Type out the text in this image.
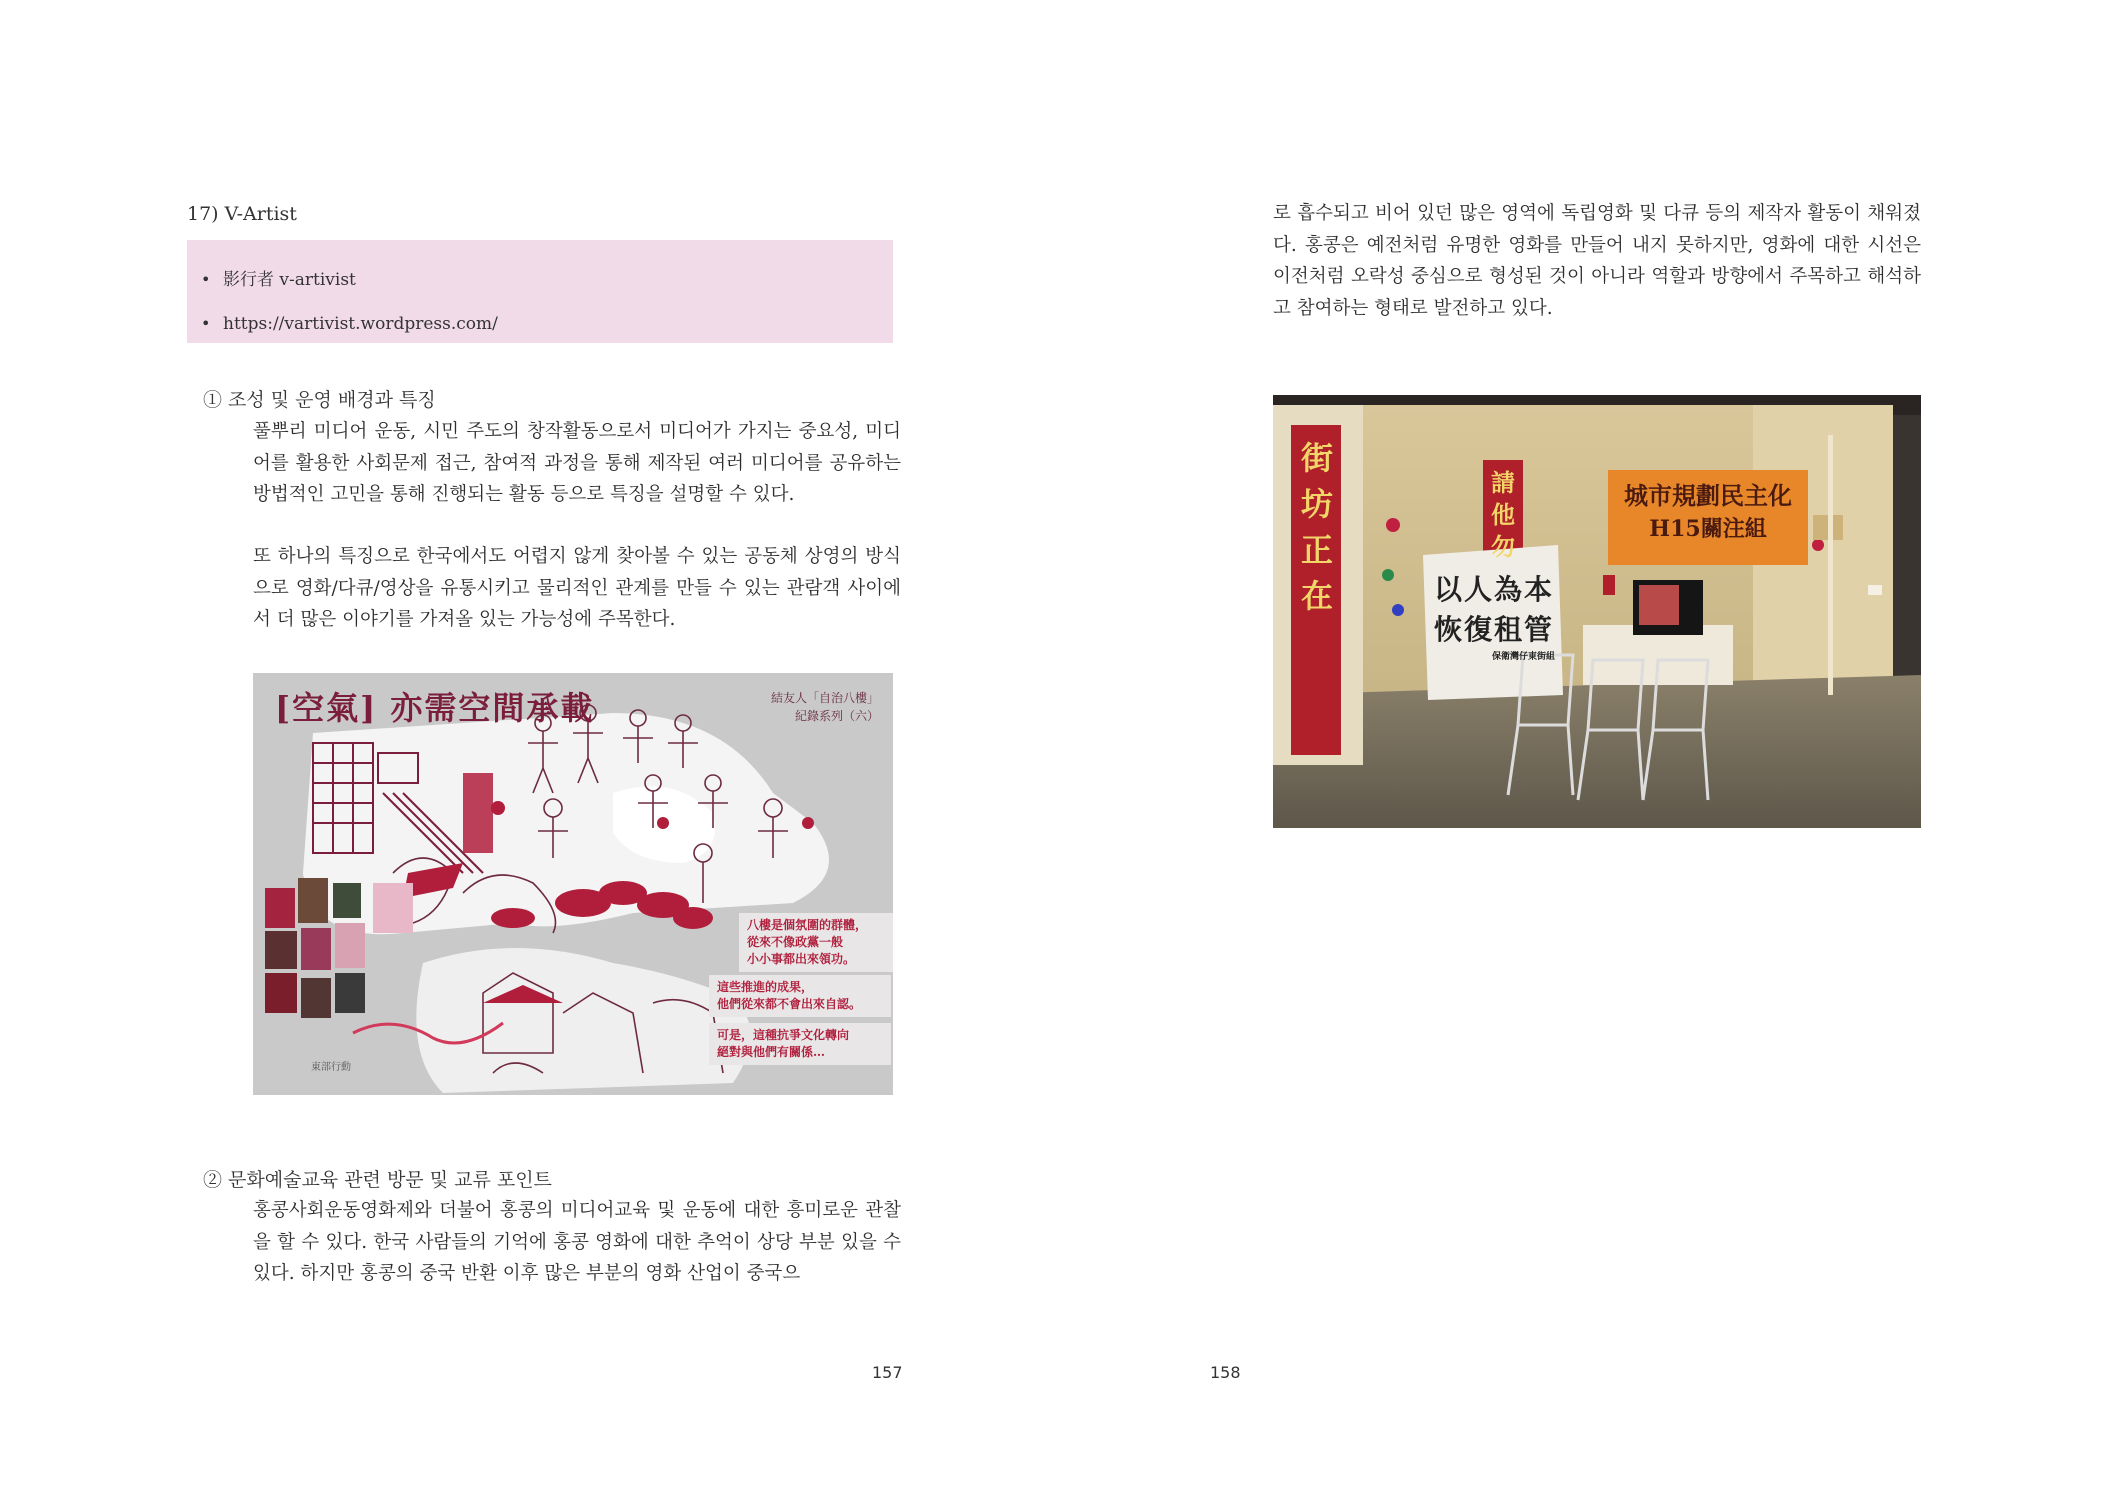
17) V-Artist
• 影行者 v-artivist
• https://vartivist.wordpress.com/
① 조성 및 운영 배경과 특징
풀뿌리 미디어 운동, 시민 주도의 창작활동으로서 미디어가 가지는 중요성, 미디어를 활용한 사회문제 접근, 참여적 과정을 통해 제작된 여러 미디어를 공유하는 방법적인 고민을 통해 진행되는 활동 등으로 특징을 설명할 수 있다.
또 하나의 특징으로 한국에서도 어렵지 않게 찾아볼 수 있는 공동체 상영의 방식으로 영화/다큐/영상을 유통시키고 물리적인 관계를 만들 수 있는 관람객 사이에서 더 많은 이야기를 가져올 있는 가능성에 주목한다.
[空氣] 亦需空間承載	結友人「自治八樓」
紀錄系列（六）
八樓是個氛圍的群體，
從來不像政黨一般
小小事都出來領功。
這些推進的成果，
他們從來都不會出來自認。
可是，這種抗爭文化轉向
絕對與他們有關係…
東部行動
② 문화예술교육 관련 방문 및 교류 포인트
홍콩사회운동영화제와 더불어 홍콩의 미디어교육 및 운동에 대한 흥미로운 관찰을 할 수 있다. 한국 사람들의 기억에 홍콩 영화에 대한 추억이 상당 부분 있을 수 있다. 하지만 홍콩의 중국 반환 이후 많은 부분의 영화 산업이 중국으
157
로 흡수되고 비어 있던 많은 영역에 독립영화 및 다큐 등의 제작자 활동이 채워졌다. 홍콩은 예전처럼 유명한 영화를 만들어 내지 못하지만, 영화에 대한 시선은 이전처럼 오락성 중심으로 형성된 것이 아니라 역할과 방향에서 주목하고 해석하고 참여하는 형태로 발전하고 있다.
街坊正在
請他勿
城市規劃民主化
H15關注組
以人為本
恢復租管
保衛灣仔東街組
158
